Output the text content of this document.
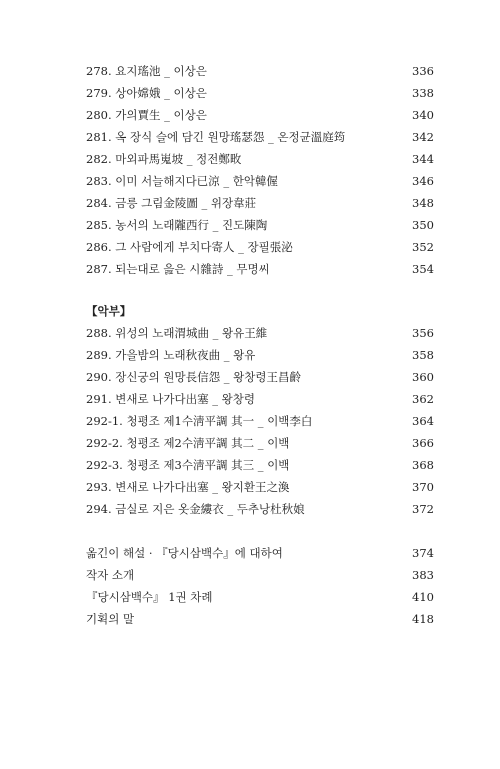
278. 요지瑤池 _ 이상은	336
279. 상아嫦娥 _ 이상은	338
280. 가의賈生 _ 이상은	340
281. 옥 장식 슬에 담긴 원망瑤瑟怨 _ 온정균溫庭筠	342
282. 마외파馬嵬坡 _ 정전鄭畋	344
283. 이미 서늘해지다已涼 _ 한악韓偓	346
284. 금릉 그림金陵圖 _ 위장韋莊	348
285. 농서의 노래隴西行 _ 진도陳陶	350
286. 그 사람에게 부치다寄人 _ 장필張泌	352
287. 되는대로 읊은 시雜詩 _ 무명씨	354
【악부】
288. 위성의 노래渭城曲 _ 왕유王維	356
289. 가을밤의 노래秋夜曲 _ 왕유	358
290. 장신궁의 원망長信怨 _ 왕창령王昌齡	360
291. 변새로 나가다出塞 _ 왕창령	362
292-1. 청평조 제1수淸平調 其一 _ 이백李白	364
292-2. 청평조 제2수淸平調 其二 _ 이백	366
292-3. 청평조 제3수淸平調 其三 _ 이백	368
293. 변새로 나가다出塞 _ 왕지환王之渙	370
294. 금실로 지은 옷金縷衣 _ 두추낭杜秋娘	372
옮긴이 해설 · 『당시삼백수』에 대하여	374
작자 소개	383
『당시삼백수』 1권 차례	410
기획의 말	418
